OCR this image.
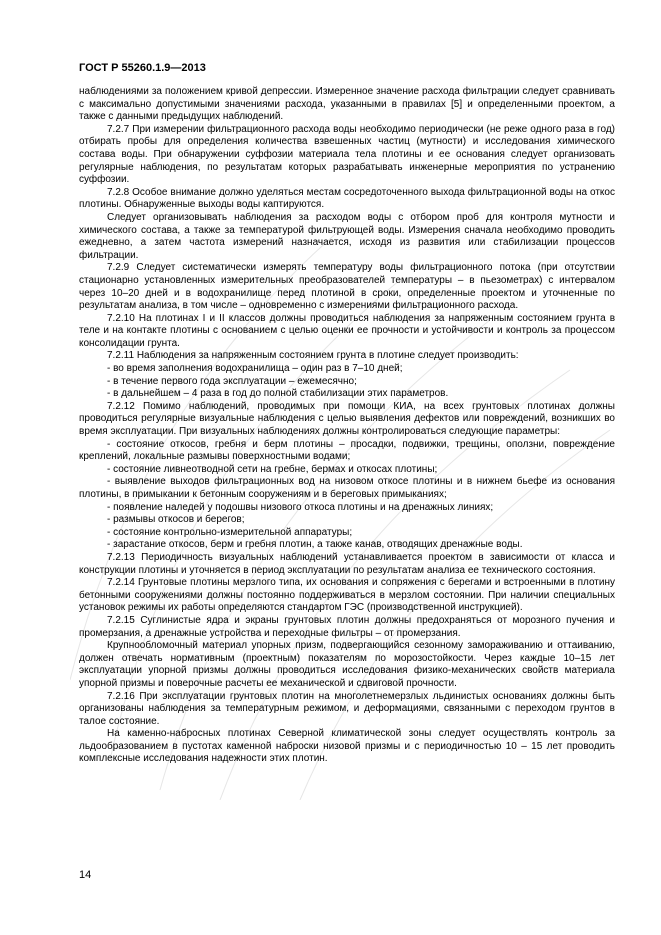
ГОСТ Р 55260.1.9—2013

наблюдениями за положением кривой депрессии. Измеренное значение расхода фильтрации следует сравнивать с максимально допустимыми значениями расхода, указанными в правилах [5] и определенными проектом, а также с данными предыдущих наблюдений.

7.2.7 При измерении фильтрационного расхода воды необходимо периодически (не реже одного раза в год) отбирать пробы для определения количества взвешенных частиц (мутности) и исследования химического состава воды. При обнаружении суффозии материала тела плотины и ее основания следует организовать регулярные наблюдения, по результатам которых разрабатывать инженерные мероприятия по устранению суффозии.

7.2.8 Особое внимание должно уделяться местам сосредоточенного выхода фильтрационной воды на откос плотины. Обнаруженные выходы воды каптируются.

Следует организовывать наблюдения за расходом воды с отбором проб для контроля мутности и химического состава, а также за температурой фильтрующей воды. Измерения сначала необходимо проводить ежедневно, а затем частота измерений назначается, исходя из развития или стабилизации процессов фильтрации.

7.2.9 Следует систематически измерять температуру воды фильтрационного потока (при отсутствии стационарно установленных измерительных преобразователей температуры – в пьезометрах) с интервалом через 10–20 дней и в водохранилище перед плотиной в сроки, определенные проектом и уточненные по результатам анализа, в том числе – одновременно с измерениями фильтрационного расхода.

7.2.10 На плотинах I и II классов должны проводиться наблюдения за напряженным состоянием грунта в теле и на контакте плотины с основанием с целью оценки ее прочности и устойчивости и контроль за процессом консолидации грунта.

7.2.11 Наблюдения за напряженным состоянием грунта в плотине следует производить:

- во время заполнения водохранилища – один раз в 7–10 дней;

- в течение первого года эксплуатации – ежемесячно;

- в дальнейшем – 4 раза в год до полной стабилизации этих параметров.

7.2.12 Помимо наблюдений, проводимых при помощи КИА, на всех грунтовых плотинах должны проводиться регулярные визуальные наблюдения с целью выявления дефектов или повреждений, возникших во время эксплуатации. При визуальных наблюдениях должны контролироваться следующие параметры:

- состояние откосов, гребня и берм плотины – просадки, подвижки, трещины, оползни, повреждение креплений, локальные размывы поверхностными водами;

- состояние ливнеотводной сети на гребне, бермах и откосах плотины;

- выявление выходов фильтрационных вод на низовом откосе плотины и в нижнем бьефе из основания плотины, в примыкании к бетонным сооружениям и в береговых примыканиях;

- появление наледей у подошвы низового откоса плотины и на дренажных линиях;

- размывы откосов и берегов;

- состояние контрольно-измерительной аппаратуры;

- зарастание откосов, берм и гребня плотин, а также канав, отводящих дренажные воды.

7.2.13 Периодичность визуальных наблюдений устанавливается проектом в зависимости от класса и конструкции плотины и уточняется в период эксплуатации по результатам анализа ее технического состояния.

7.2.14 Грунтовые плотины мерзлого типа, их основания и сопряжения с берегами и встроенными в плотину бетонными сооружениями должны постоянно поддерживаться в мерзлом состоянии. При наличии специальных установок режимы их работы определяются стандартом ГЭС (производственной инструкцией).

7.2.15 Суглинистые ядра и экраны грунтовых плотин должны предохраняться от морозного пучения и промерзания, а дренажные устройства и переходные фильтры – от промерзания.

Крупнообломочный материал упорных призм, подвергающийся сезонному замораживанию и оттаиванию, должен отвечать нормативным (проектным) показателям по морозостойкости. Через каждые 10–15 лет эксплуатации упорной призмы должны проводиться исследования физико-механических свойств материала упорной призмы и поверочные расчеты ее механической и сдвиговой прочности.

7.2.16 При эксплуатации грунтовых плотин на многолетнемерзлых льдинистых основаниях должны быть организованы наблюдения за температурным режимом, и деформациями, связанными с переходом грунтов в талое состояние.

На каменно-набросных плотинах Северной климатической зоны следует осуществлять контроль за льдообразованием в пустотах каменной наброски низовой призмы и с периодичностью 10 – 15 лет проводить комплексные исследования надежности этих плотин.

14
